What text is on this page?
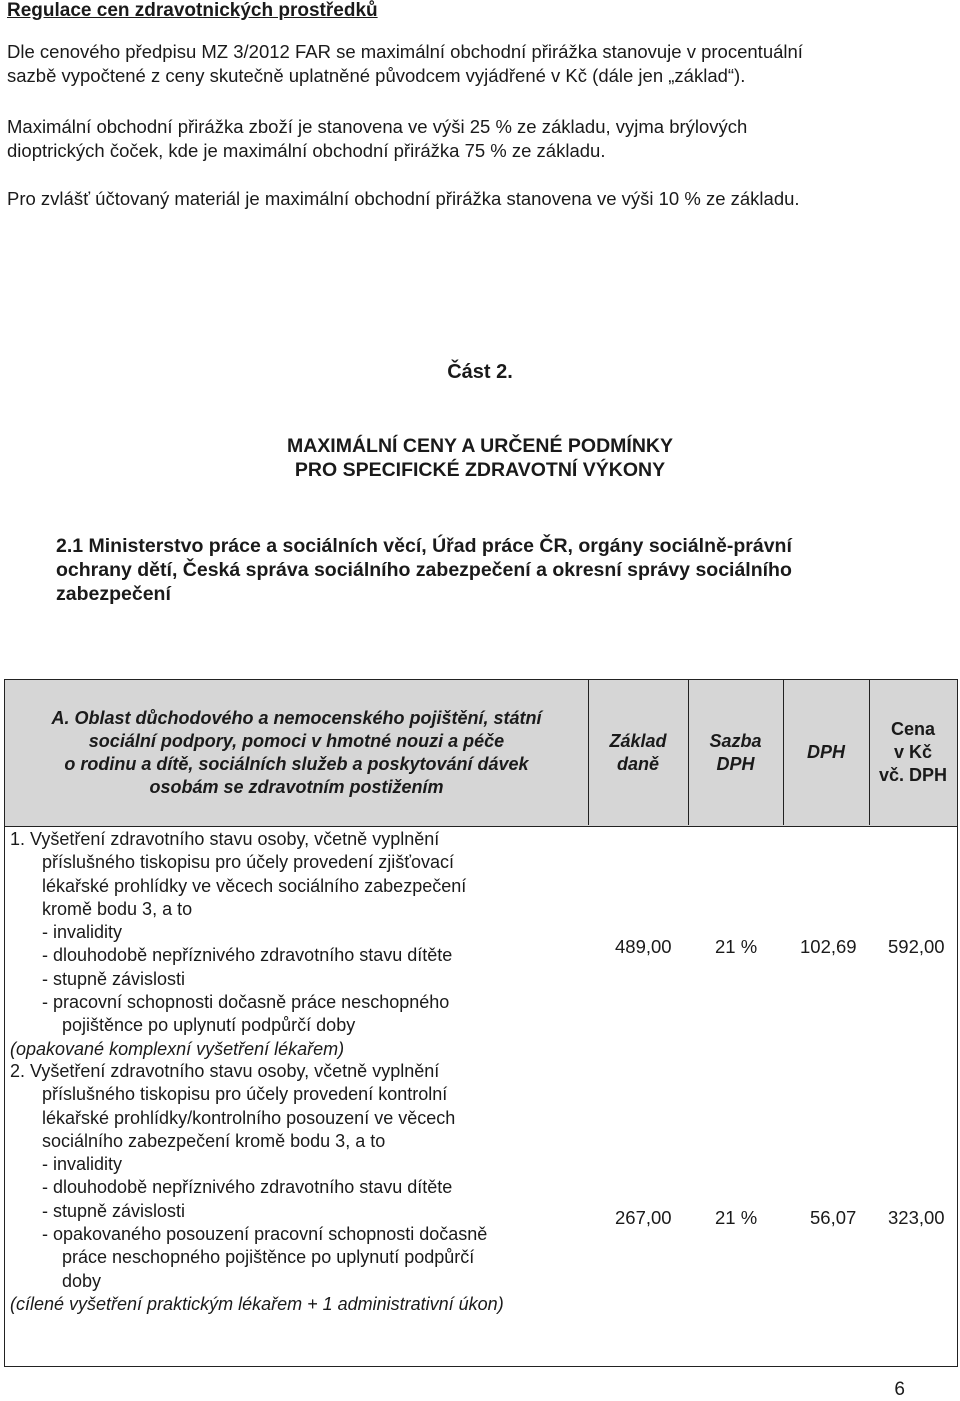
Regulace cen zdravotnických prostředků
Dle cenového předpisu MZ 3/2012 FAR se maximální obchodní přirážka stanovuje v procentuální
sazbě vypočtené z ceny skutečně uplatněné původcem vyjádřené v Kč (dále jen „základ“).
Maximální obchodní přirážka zboží je stanovena ve výši 25 % ze základu, vyjma brýlových
dioptrických čoček, kde je maximální obchodní přirážka 75 % ze základu.
Pro zvlášť účtovaný materiál je maximální obchodní přirážka stanovena ve výši 10 % ze základu.
Část 2.
MAXIMÁLNÍ CENY A URČENÉ PODMÍNKY
PRO SPECIFICKÉ ZDRAVOTNÍ VÝKONY
2.1 Ministerstvo práce a sociálních věcí, Úřad práce ČR, orgány sociálně-právní
ochrany dětí, Česká správa sociálního zabezpečení a okresní správy sociálního
zabezpečení
A. Oblast důchodového a nemocenského pojištění, státní
sociální podpory, pomoci v hmotné nouzi a péče
o rodinu a dítě, sociálních služeb a poskytování dávek
osobám se zdravotním postižením
Základ
daně
Sazba
DPH
DPH
Cena
v Kč
vč. DPH
1. Vyšetření zdravotního stavu osoby, včetně vyplnění
příslušného tiskopisu pro účely provedení zjišťovací
lékařské prohlídky ve věcech sociálního zabezpečení
kromě bodu 3, a to
- invalidity
- dlouhodobě nepříznivého zdravotního stavu dítěte
- stupně závislosti
- pracovní schopnosti dočasně práce neschopného
pojištěnce po uplynutí podpůrčí doby
(opakované komplexní vyšetření lékařem)
489,00 21 % 102,69 592,00
2. Vyšetření zdravotního stavu osoby, včetně vyplnění
příslušného tiskopisu pro účely provedení kontrolní
lékařské prohlídky/kontrolního posouzení ve věcech
sociálního zabezpečení kromě bodu 3, a to
- invalidity
- dlouhodobě nepříznivého zdravotního stavu dítěte
- stupně závislosti
- opakovaného posouzení pracovní schopnosti dočasně
práce neschopného pojištěnce po uplynutí podpůrčí
doby
(cílené vyšetření praktickým lékařem + 1 administrativní úkon)
267,00 21 %	56,07 323,00
6
